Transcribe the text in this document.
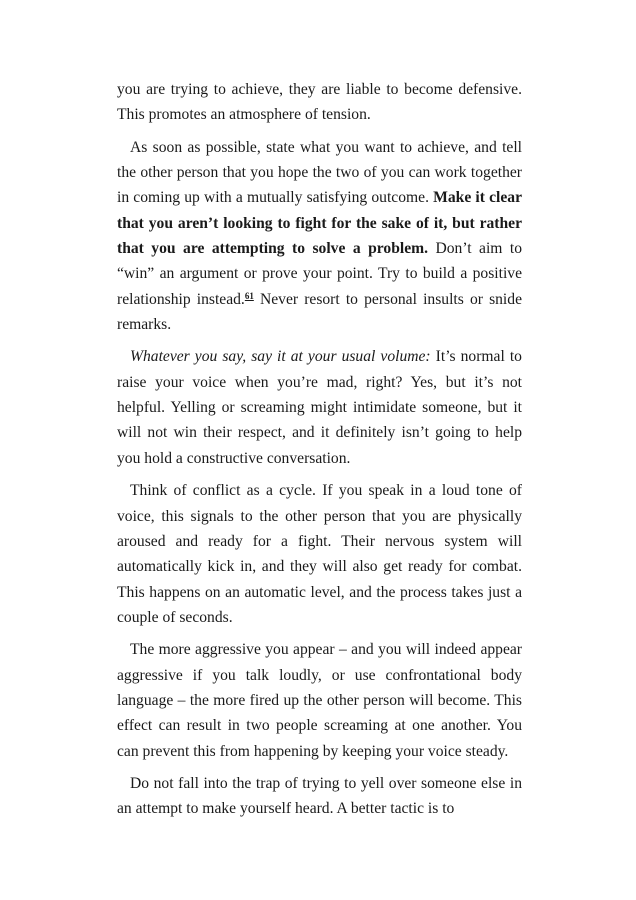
you are trying to achieve, they are liable to become defensive. This promotes an atmosphere of tension.

As soon as possible, state what you want to achieve, and tell the other person that you hope the two of you can work together in coming up with a mutually satisfying outcome. Make it clear that you aren’t looking to fight for the sake of it, but rather that you are attempting to solve a problem. Don’t aim to “win” an argument or prove your point. Try to build a positive relationship instead.$^{61}$ Never resort to personal insults or snide remarks.

Whatever you say, say it at your usual volume: It’s normal to raise your voice when you’re mad, right? Yes, but it’s not helpful. Yelling or screaming might intimidate someone, but it will not win their respect, and it definitely isn’t going to help you hold a constructive conversation.

Think of conflict as a cycle. If you speak in a loud tone of voice, this signals to the other person that you are physically aroused and ready for a fight. Their nervous system will automatically kick in, and they will also get ready for combat. This happens on an automatic level, and the process takes just a couple of seconds.

The more aggressive you appear – and you will indeed appear aggressive if you talk loudly, or use confrontational body language – the more fired up the other person will become. This effect can result in two people screaming at one another. You can prevent this from happening by keeping your voice steady.

Do not fall into the trap of trying to yell over someone else in an attempt to make yourself heard. A better tactic is to
